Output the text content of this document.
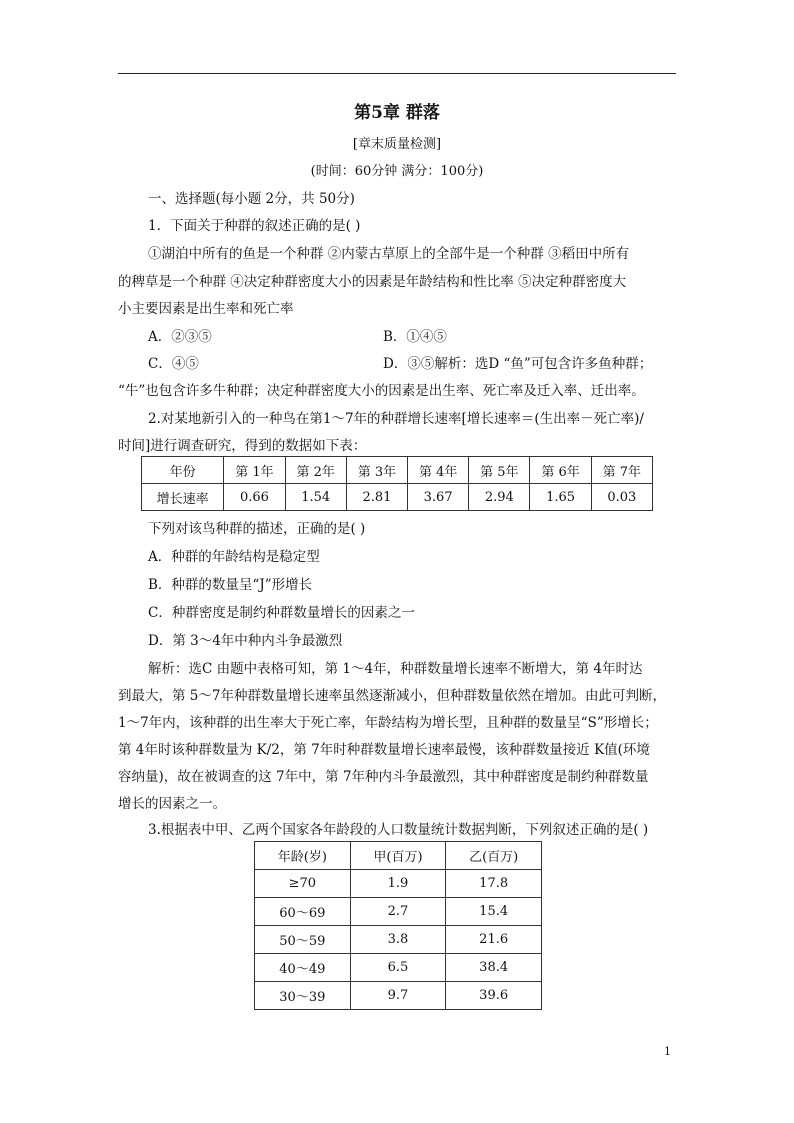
第5章 群落
[章末质量检测]
(时间：60分钟 满分：100分)
一、选择题(每小题 2分，共 50分)
1．下面关于种群的叙述正确的是( )
①湖泊中所有的鱼是一个种群 ②内蒙古草原上的全部牛是一个种群 ③稻田中所有
的稗草是一个种群 ④决定种群密度大小的因素是年龄结构和性比率 ⑤决定种群密度大
小主要因素是出生率和死亡率
A．②③⑤	B．①④⑤
C．④⑤	D．③⑤解析：选D “鱼”可包含许多鱼种群；
“牛”也包含许多牛种群；决定种群密度大小的因素是出生率、死亡率及迁入率、迁出率。
2.对某地新引入的一种鸟在第1～7年的种群增长速率[增长速率＝(生出率－死亡率)/
时间]进行调查研究，得到的数据如下表：
年份	第 1年	第 2年	第 3年	第 4年	第 5年	第 6年	第 7年
增长速率	0.66	1.54	2.81	3.67	2.94	1.65	0.03
下列对该鸟种群的描述，正确的是( )
A．种群的年龄结构是稳定型
B．种群的数量呈“J”形增长
C．种群密度是制约种群数量增长的因素之一
D．第 3～4年中种内斗争最激烈
解析：选C 由题中表格可知，第 1～4年，种群数量增长速率不断增大，第 4年时达
到最大，第 5～7年种群数量增长速率虽然逐渐减小，但种群数量依然在增加。由此可判断，
1～7年内，该种群的出生率大于死亡率，年龄结构为增长型，且种群的数量呈“S”形增长；
第 4年时该种群数量为 K/2，第 7年时种群数量增长速率最慢，该种群数量接近 K值(环境
容纳量)，故在被调查的这 7年中，第 7年种内斗争最激烈，其中种群密度是制约种群数量
增长的因素之一。
3.根据表中甲、乙两个国家各年龄段的人口数量统计数据判断，下列叙述正确的是( )
年龄(岁)	甲(百万)	乙(百万)
≥70	1.9	17.8
60～69	2.7	15.4
50～59	3.8	21.6
40～49	6.5	38.4
30～39	9.7	39.6
1
